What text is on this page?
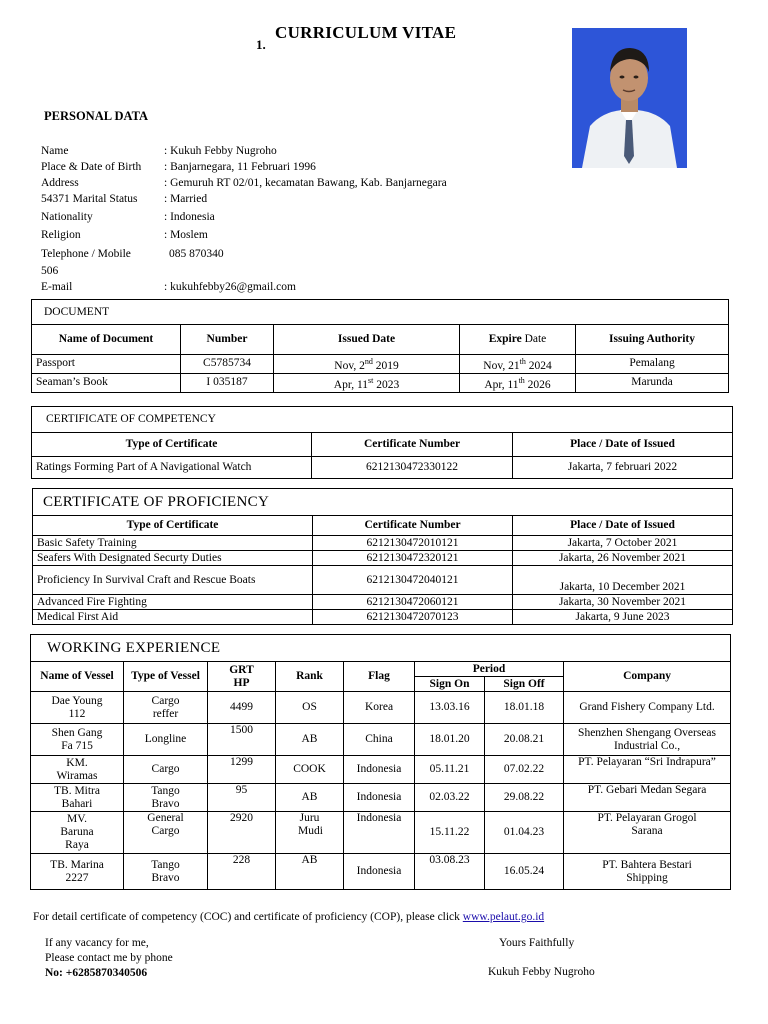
1.
CURRICULUM VITAE
PERSONAL DATA
Name	: Kukuh Febby Nugroho
Place & Date of Birth : Banjarnegara, 11 Februari 1996
Address	: Gemuruh RT 02/01, kecamatan Bawang, Kab. Banjarnegara
54371 Marital Status : Married
Nationality	: Indonesia
Religion	: Moslem
Telephone / Mobile	085 870340
506
E-mail	: kukuhfebby26@gmail.com
DOCUMENT				
Name of Document	Number	Issued Date	Expire Date	Issuing Authority
Passport	C5785734	Nov, 2nd 2019	Nov, 21th 2024	Pemalang
Seaman’s Book	I 035187	Apr, 11st 2023	Apr, 11th 2026	Marunda
CERTIFICATE OF COMPETENCY		
Type of Certificate	Certificate Number	Place / Date of Issued
Ratings Forming Part of A Navigational Watch	6212130472330122	Jakarta, 7 februari 2022
CERTIFICATE OF PROFICIENCY		
Type of Certificate	Certificate Number	Place / Date of Issued
Basic Safety Training	6212130472010121	Jakarta, 7 October 2021
Seafers With Designated Securty Duties	6212130472320121	Jakarta, 26 November 2021
Proficiency In Survival Craft and Rescue Boats	6212130472040121	Jakarta, 10 December 2021
Advanced Fire Fighting	6212130472060121	Jakarta, 30 November 2021
Medical First Aid	6212130472070123	Jakarta, 9 June 2023
WORKING EXPERIENCE							
Name of Vessel	Type of Vessel	GRT HP	Rank	Flag	Period		Company
					Sign On	Sign Off	
Dae Young 112	Cargo reffer	4499	OS	Korea	13.03.16	18.01.18	Grand Fishery Company Ltd.
Shen Gang Fa 715	Longline	1500	AB	China	18.01.20	20.08.21	Shenzhen Shengang Overseas Industrial Co.,
KM. Wiramas	Cargo	1299	COOK	Indonesia	05.11.21	07.02.22	PT. Pelayaran “Sri Indrapura”
TB. Mitra Bahari	Tango Bravo	95	AB	Indonesia	02.03.22	29.08.22	PT. Gebari Medan Segara
MV. Baruna Raya	General Cargo	2920	Juru Mudi	Indonesia	15.11.22	01.04.23	PT. Pelayaran Grogol Sarana
TB. Marina 2227	Tango Bravo	228	AB	Indonesia	03.08.23	16.05.24	PT. Bahtera Bestari Shipping
For detail certificate of competency (COC) and certificate of proficiency (COP), please click www.pelaut.go.id
If any vacancy for me,
Please contact me by phone
No: +6285870340506
Yours Faithfully
Kukuh Febby Nugroho
